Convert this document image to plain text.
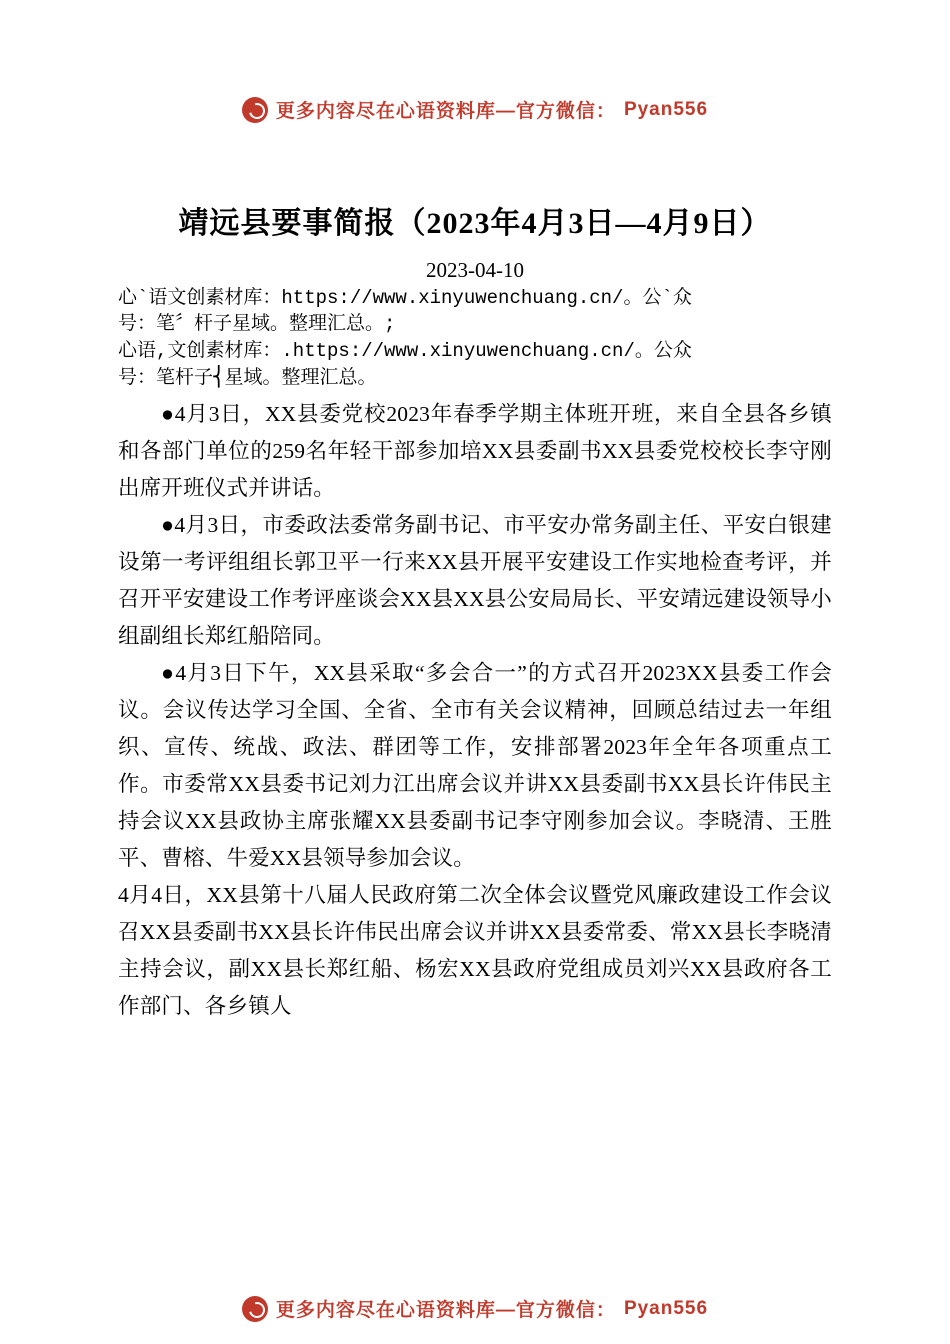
更多内容尽在心语资料库—官方微信： Pyan556
靖远县要事简报（2023年4月3日—4月9日）
2023-04-10

心`语文创素材库：https://www.xinyuwenchuang.cn/。公`众

号：笔〞杆子星域。整理汇总。;

心语,文创素材库：.https://www.xinyuwenchuang.cn/。公众

号：笔杆子⎨星域。整理汇总。

●4月3日，XX县委党校2023年春季学期主体班开班，来自全县各乡镇和各部门单位的259名年轻干部参加培XX县委副书XX县委党校校长李守刚出席开班仪式并讲话。

●4月3日，市委政法委常务副书记、市平安办常务副主任、平安白银建设第一考评组组长郭卫平一行来XX县开展平安建设工作实地检查考评，并召开平安建设工作考评座谈会XX县XX县公安局局长、平安靖远建设领导小组副组长郑红船陪同。

●4月3日下午，XX县采取“多会合一”的方式召开2023XX县委工作会议。会议传达学习全国、全省、全市有关会议精神，回顾总结过去一年组织、宣传、统战、政法、群团等工作，安排部署2023年全年各项重点工作。市委常XX县委书记刘力江出席会议并讲XX县委副书XX县长许伟民主持会议XX县政协主席张耀XX县委副书记李守刚参加会议。李晓清、王胜平、曹榕、牛爱XX县领导参加会议。

4月4日，XX县第十八届人民政府第二次全体会议暨党风廉政建设工作会议召XX县委副书XX县长许伟民出席会议并讲XX县委常委、常XX县长李晓清主持会议，副XX县长郑红船、杨宏XX县政府党组成员刘兴XX县政府各工 作部门、各乡镇人

更多内容尽在心语资料库—官方微信： Pyan556
